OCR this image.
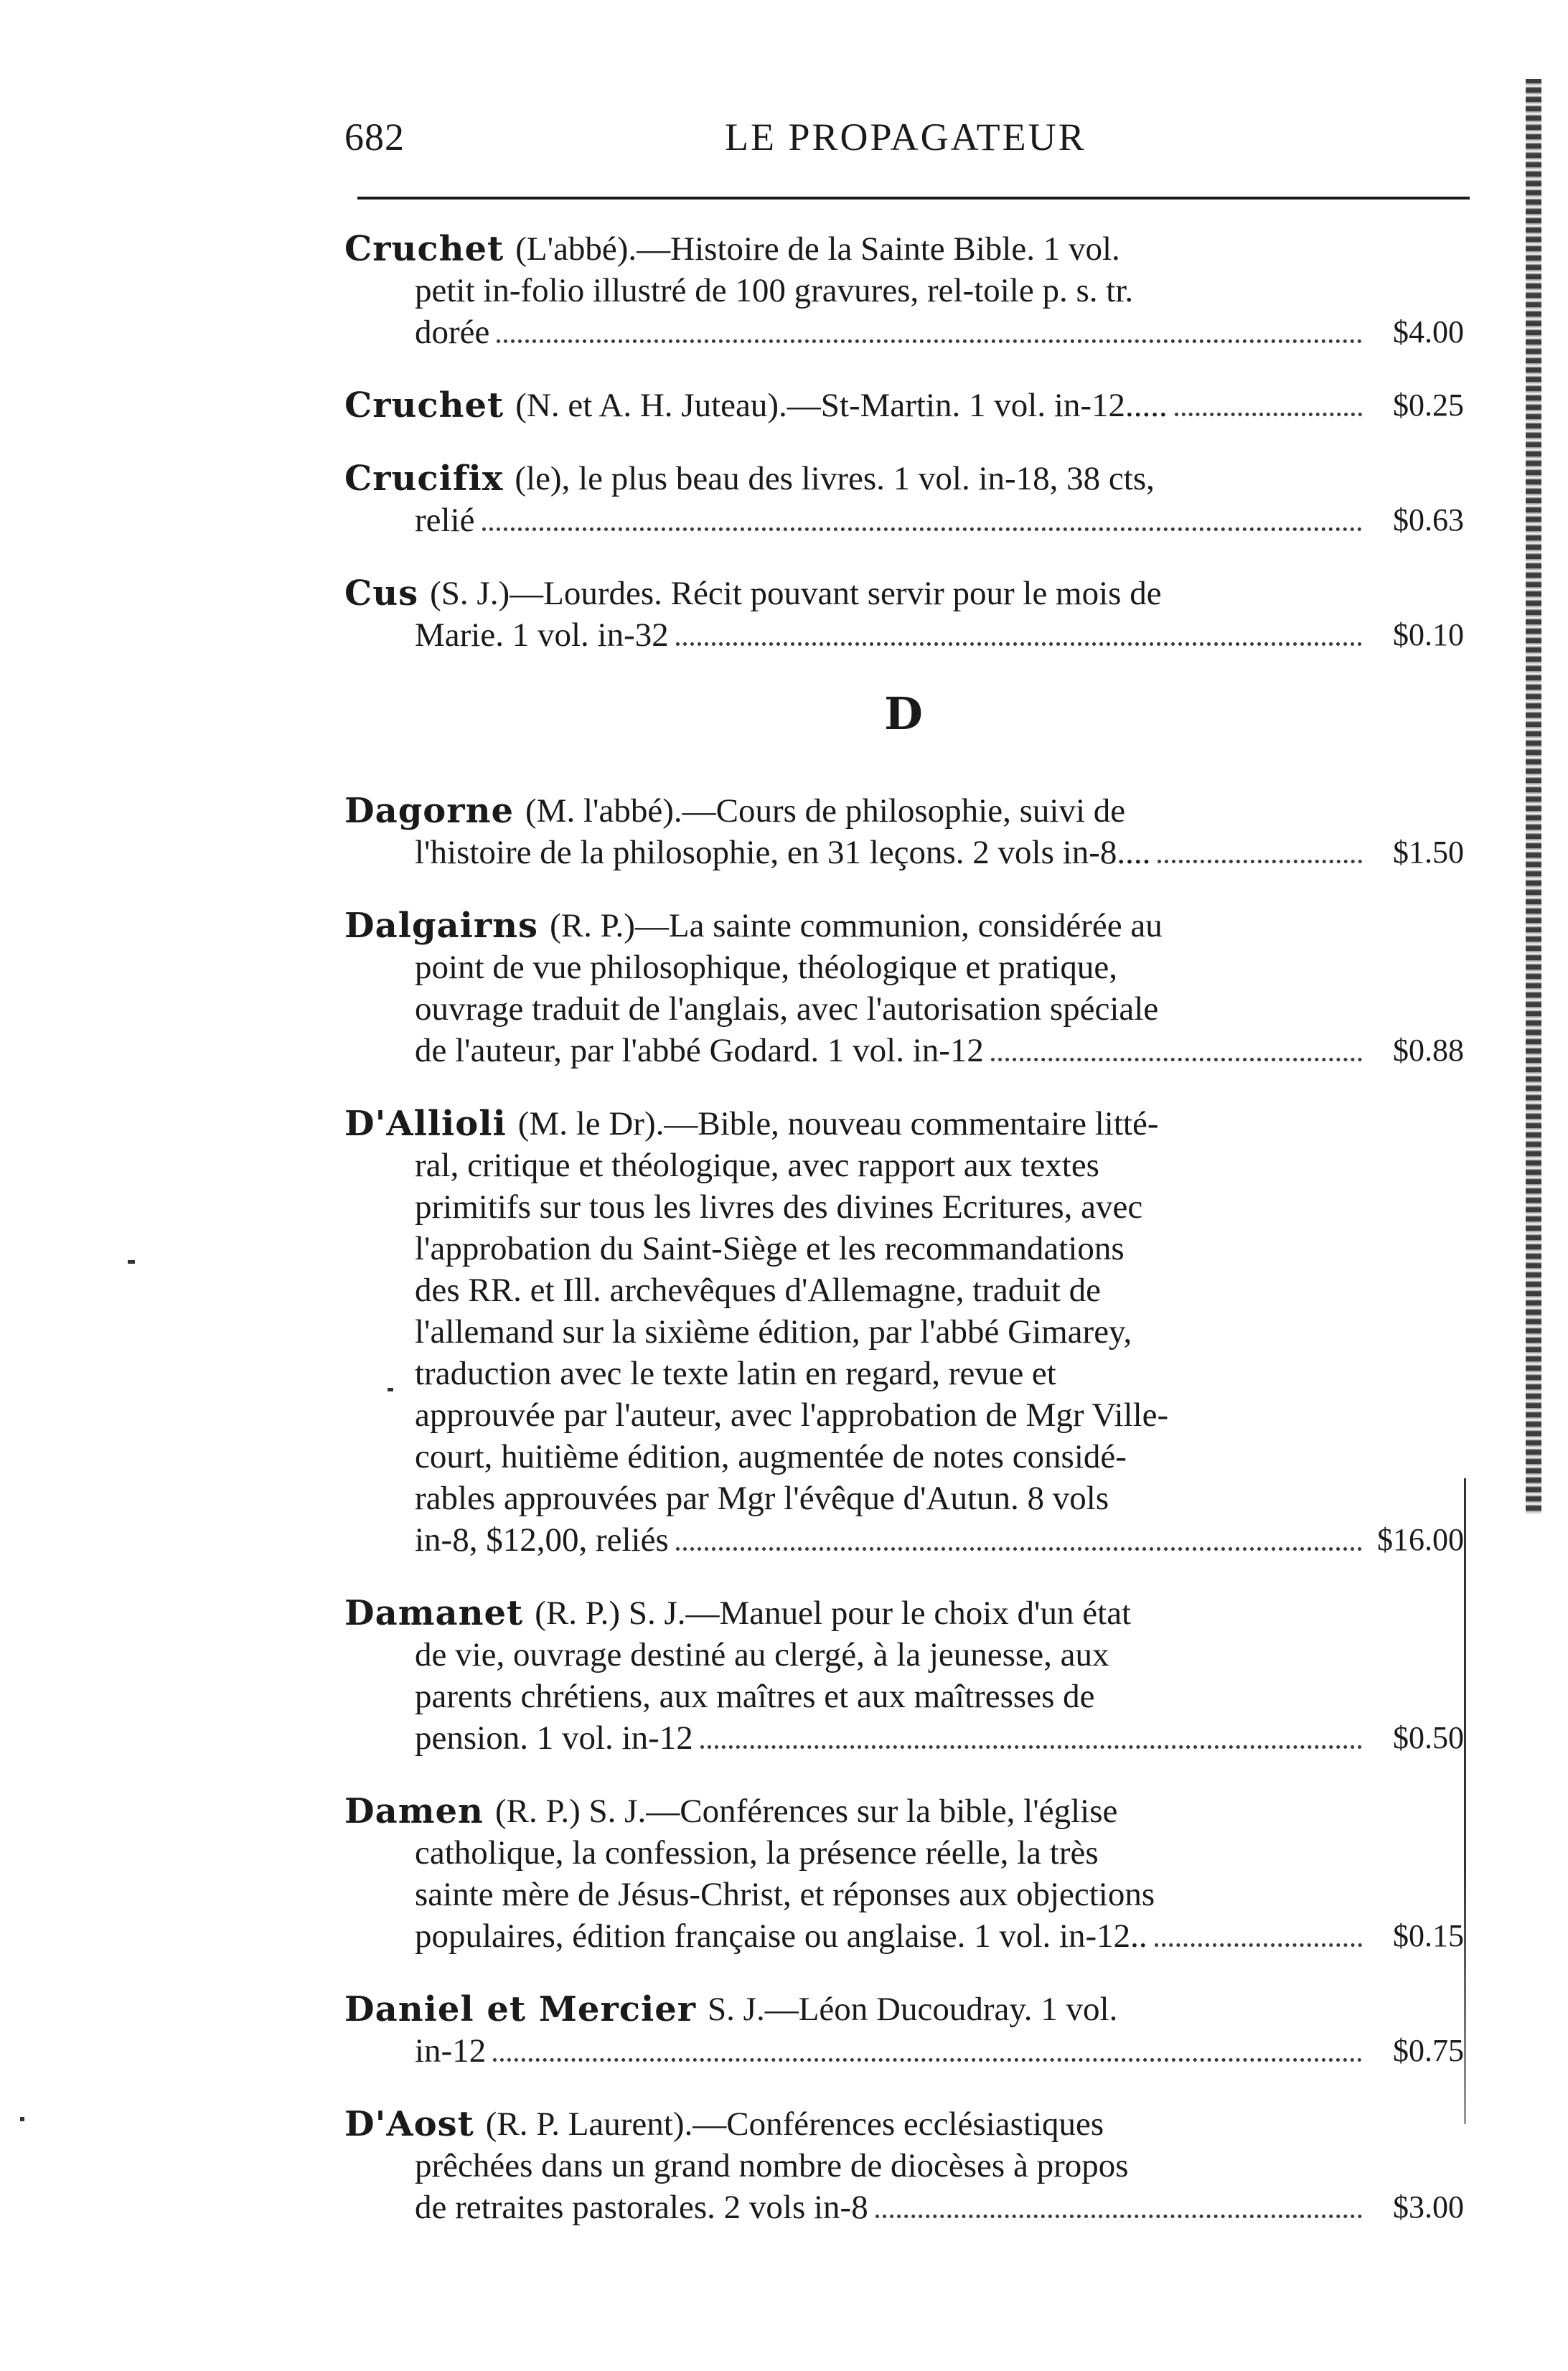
682	LE PROPAGATEUR
Cruchet (L'abbé).—Histoire de la Sainte Bible. 1 vol.
petit in-folio illustré de 100 gravures, rel-toile p. s. tr.
dorée	$4.00
Cruchet (N. et A. H. Juteau).—St-Martin. 1 vol. in-12.....	$0.25
Crucifix (le), le plus beau des livres. 1 vol. in-18, 38 cts,
relié	$0.63
Cus (S. J.)—Lourdes. Récit pouvant servir pour le mois de
Marie. 1 vol. in-32	$0.10
D
Dagorne (M. l'abbé).—Cours de philosophie, suivi de
l'histoire de la philosophie, en 31 leçons. 2 vols in-8....	$1.50
Dalgairns (R. P.)—La sainte communion, considérée au
point de vue philosophique, théologique et pratique,
ouvrage traduit de l'anglais, avec l'autorisation spéciale
de l'auteur, par l'abbé Godard. 1 vol. in-12	$0.88
D'Allioli (M. le Dr).—Bible, nouveau commentaire litté-
ral, critique et théologique, avec rapport aux textes
primitifs sur tous les livres des divines Ecritures, avec
l'approbation du Saint-Siège et les recommandations
des RR. et Ill. archevêques d'Allemagne, traduit de
l'allemand sur la sixième édition, par l'abbé Gimarey,
traduction avec le texte latin en regard, revue et
approuvée par l'auteur, avec l'approbation de Mgr Ville-
court, huitième édition, augmentée de notes considé-
rables approuvées par Mgr l'évêque d'Autun. 8 vols
in-8, $12,00, reliés	$16.00
Damanet (R. P.) S. J.—Manuel pour le choix d'un état
de vie, ouvrage destiné au clergé, à la jeunesse, aux
parents chrétiens, aux maîtres et aux maîtresses de
pension. 1 vol. in-12	$0.50
Damen (R. P.) S. J.—Conférences sur la bible, l'église
catholique, la confession, la présence réelle, la très
sainte mère de Jésus-Christ, et réponses aux objections
populaires, édition française ou anglaise. 1 vol. in-12..	$0.15
Daniel et Mercier S. J.—Léon Ducoudray. 1 vol.
in-12	$0.75
D'Aost (R. P. Laurent).—Conférences ecclésiastiques
prêchées dans un grand nombre de diocèses à propos
de retraites pastorales. 2 vols in-8	$3.00
